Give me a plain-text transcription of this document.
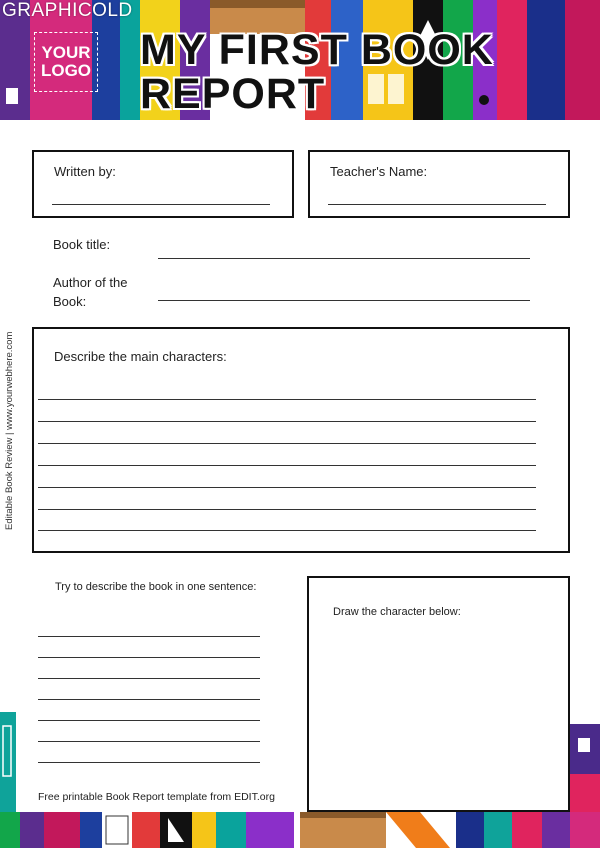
GRAPHICOLD
YOUR
LOGO MY FIRST BOOK
REPORT
Written by:	Teacher's Name:
Book title:
Author of the
Book:
Describe the main characters:
Try to describe the book in one sentence:
Draw the character below:
Editable Book Review | www.yourwebhere.com
Free printable Book Report template from EDIT.org
